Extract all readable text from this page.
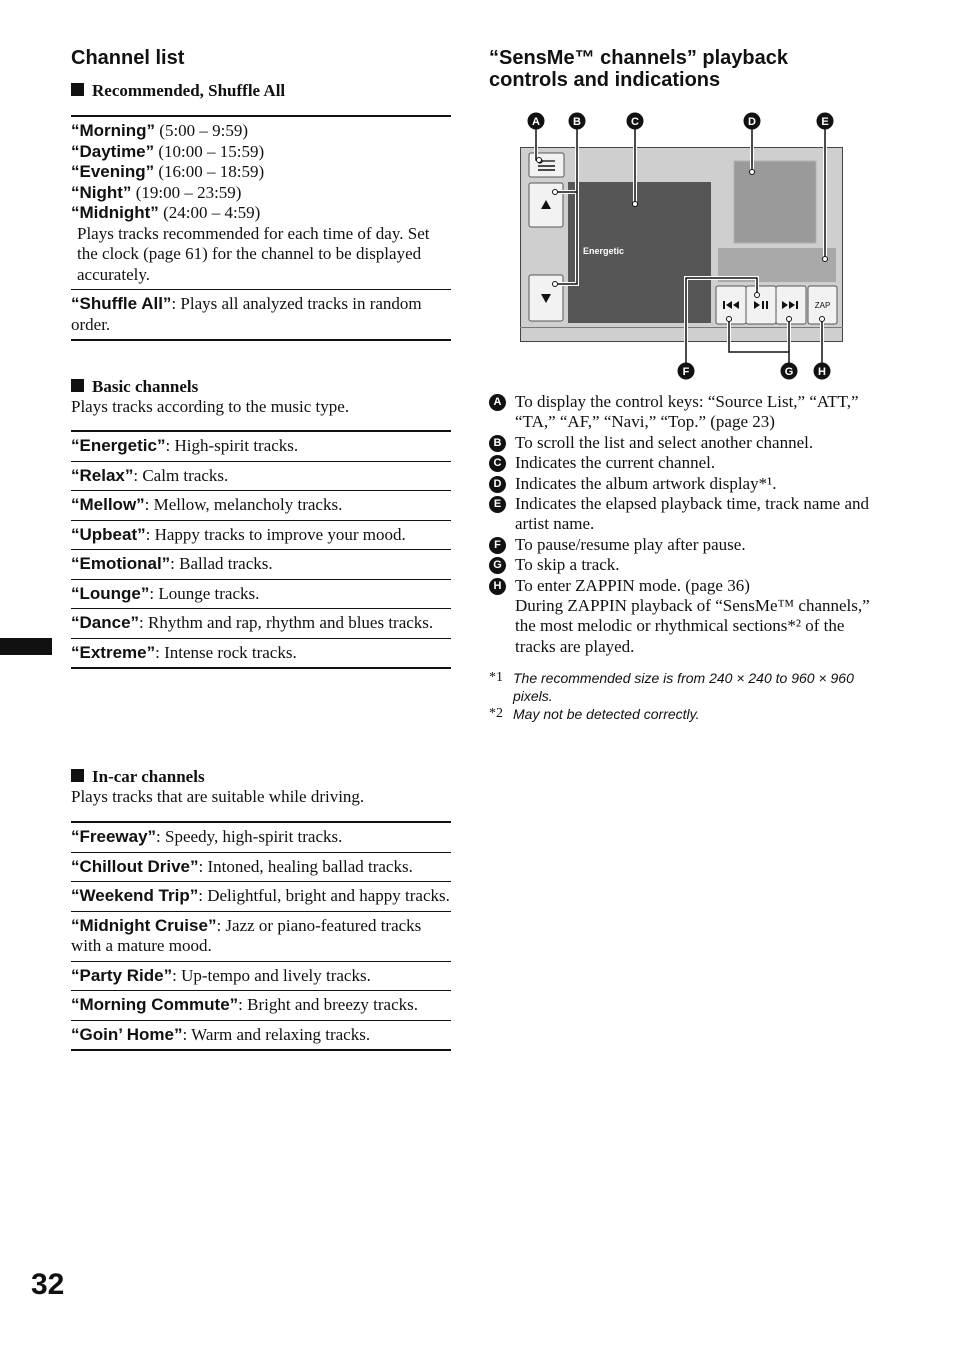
Channel list
Recommended, Shuffle All
“Morning” (5:00 – 9:59)
“Daytime” (10:00 – 15:59)
“Evening” (16:00 – 18:59)
“Night” (19:00 – 23:59)
“Midnight” (24:00 – 4:59)
Plays tracks recommended for each time of day. Set the clock (page 61) for the channel to be displayed accurately.
“Shuffle All”: Plays all analyzed tracks in random order.
Basic channels
Plays tracks according to the music type.
“Energetic”: High-spirit tracks.
“Relax”: Calm tracks.
“Mellow”: Mellow, melancholy tracks.
“Upbeat”: Happy tracks to improve your mood.
“Emotional”: Ballad tracks.
“Lounge”: Lounge tracks.
“Dance”: Rhythm and rap, rhythm and blues tracks.
“Extreme”: Intense rock tracks.
In-car channels
Plays tracks that are suitable while driving.
“Freeway”: Speedy, high-spirit tracks.
“Chillout Drive”: Intoned, healing ballad tracks.
“Weekend Trip”: Delightful, bright and happy tracks.
“Midnight Cruise”: Jazz or piano-featured tracks with a mature mood.
“Party Ride”: Up-tempo and lively tracks.
“Morning Commute”: Bright and breezy tracks.
“Goin’ Home”: Warm and relaxing tracks.
32
“SensMe™ channels” playback
controls and indications
Energetic
ZAP
A	B	C	D	E
F	G H
A To display the control keys: “Source List,” “ATT,” “TA,” “AF,” “Navi,” “Top.” (page 23)
B To scroll the list and select another channel.
C Indicates the current channel.
D Indicates the album artwork display*¹.
E Indicates the elapsed playback time, track name and artist name.
F To pause/resume play after pause.
G To skip a track.
H To enter ZAPPIN mode. (page 36)
During ZAPPIN playback of “SensMe™ channels,” the most melodic or rhythmical sections*² of the tracks are played.
*1 The recommended size is from 240 × 240 to 960 × 960 pixels.
*2 May not be detected correctly.
